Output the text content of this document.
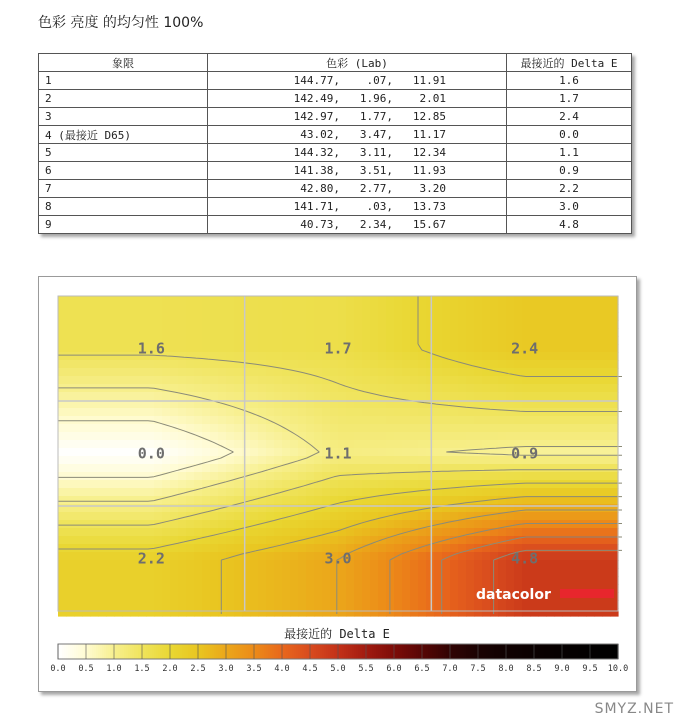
色彩 亮度 的均匀性 100%
象限	色彩 (Lab)	最接近的 Delta E
1	144.77,    .07,   11.91	1.6
2	142.49,   1.96,    2.01	1.7
3	142.97,   1.77,   12.85	2.4
4 (最接近 D65)	43.02,   3.47,   11.17	0.0
5	144.32,   3.11,   12.34	1.1
6	141.38,   3.51,   11.93	0.9
7	42.80,   2.77,    3.20	2.2
8	141.71,    .03,   13.73	3.0
9	40.73,   2.34,   15.67	4.8
1.6	1.7	2.4
0.0	1.1	0.9
2.2	3.0	4.8
datacolor
最接近的 Delta E
0.0 0.5 1.0 1.5 2.0 2.5 3.0 3.5 4.0 4.5 5.0 5.5 6.0 6.5 7.0 7.5 8.0 8.5 9.0 9.5 10.0
SMYZ.NET
